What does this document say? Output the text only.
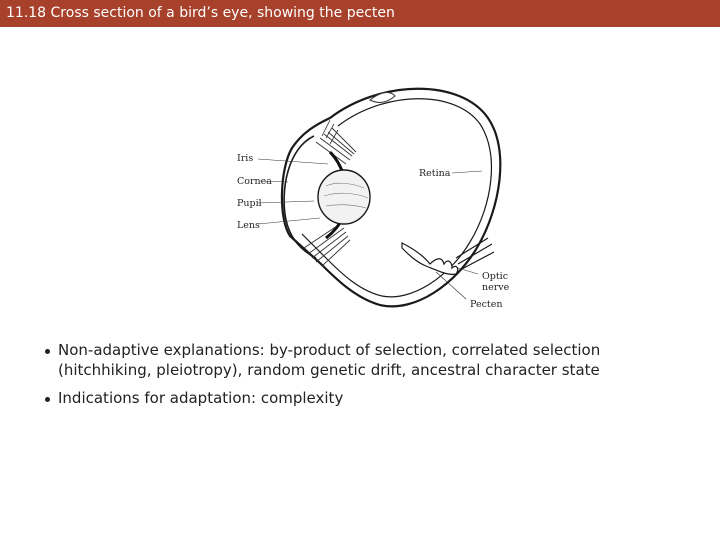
11.18 Cross section of a bird’s eye, showing the pecten
Iris
Cornea
Pupil
Lens
Retina
Optic
nerve
Pecten
Non-adaptive explanations: by-product of selection, correlated selection (hitchhiking, pleiotropy), random genetic drift, ancestral character state
Indications for adaptation: complexity
